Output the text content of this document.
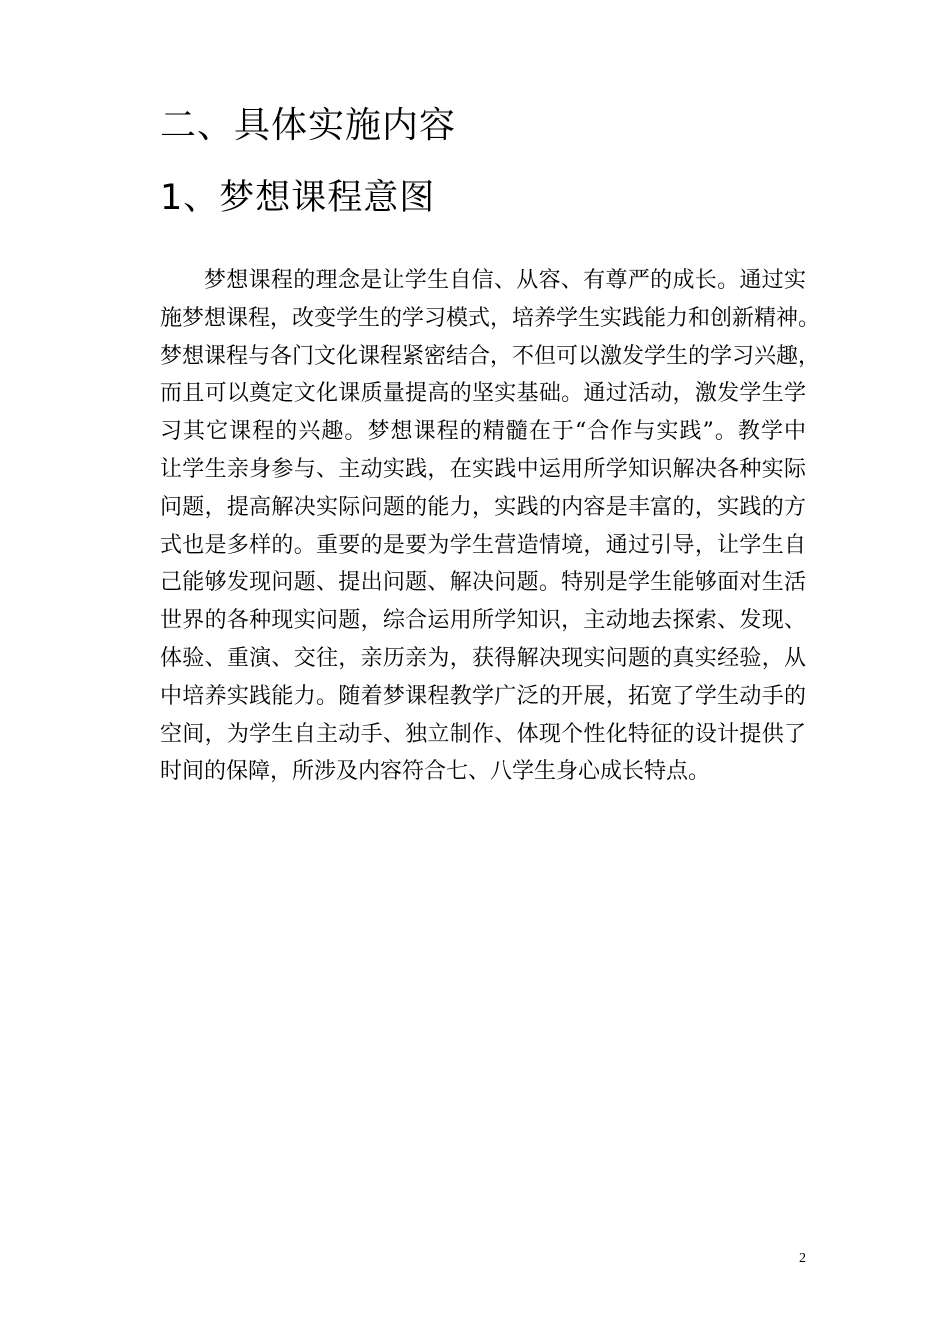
二、具体实施内容
1、梦想课程意图
梦想课程的理念是让学生自信、从容、有尊严的成长。通过实
施梦想课程，改变学生的学习模式，培养学生实践能力和创新精神。
梦想课程与各门文化课程紧密结合，不但可以激发学生的学习兴趣，
而且可以奠定文化课质量提高的坚实基础。通过活动，激发学生学
习其它课程的兴趣。梦想课程的精髓在于“合作与实践”。教学中
让学生亲身参与、主动实践，在实践中运用所学知识解决各种实际
问题，提高解决实际问题的能力，实践的内容是丰富的，实践的方
式也是多样的。重要的是要为学生营造情境，通过引导，让学生自
己能够发现问题、提出问题、解决问题。特别是学生能够面对生活
世界的各种现实问题，综合运用所学知识，主动地去探索、发现、
体验、重演、交往，亲历亲为，获得解决现实问题的真实经验，从
中培养实践能力。随着梦课程教学广泛的开展，拓宽了学生动手的
空间，为学生自主动手、独立制作、体现个性化特征的设计提供了
时间的保障，所涉及内容符合七、八学生身心成长特点。
2
